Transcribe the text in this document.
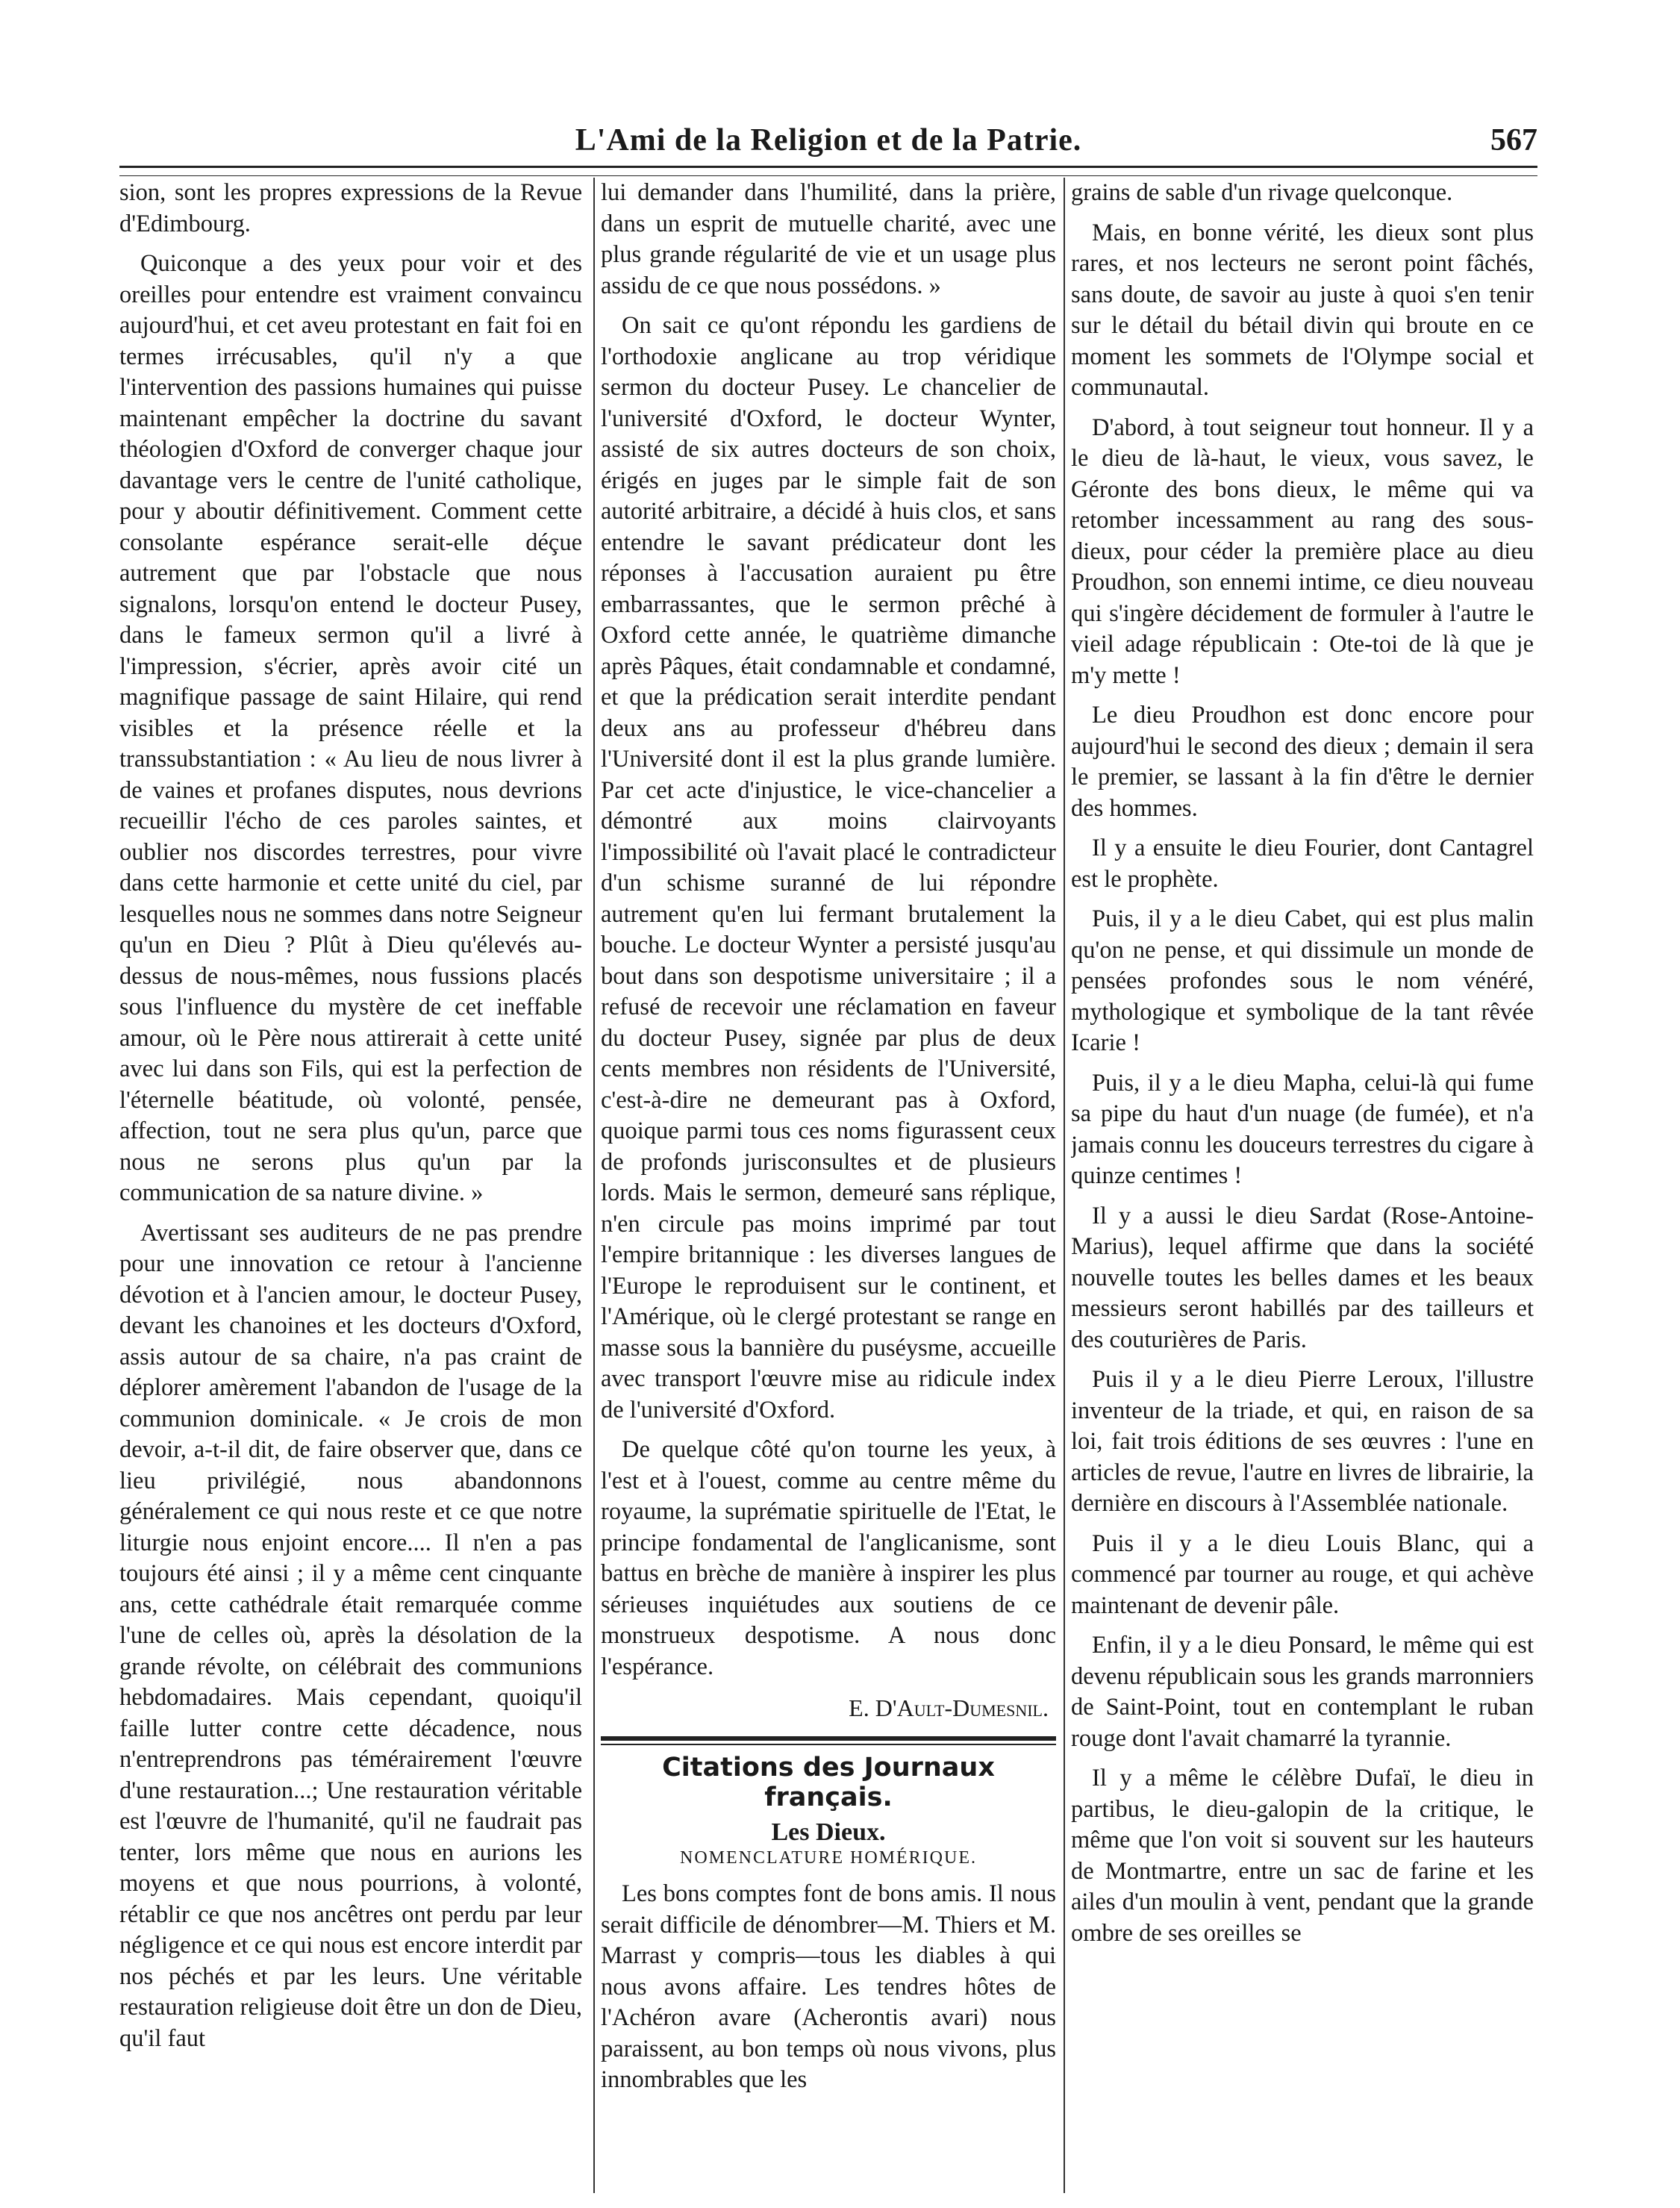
L'Ami de la Religion et de la Patrie.	567

sion, sont les propres expressions de la Revue d'Edimbourg.

Quiconque a des yeux pour voir et des oreilles pour entendre est vraiment convaincu aujourd'hui, et cet aveu protestant en fait foi en termes irrécusables, qu'il n'y a que l'intervention des passions humaines qui puisse maintenant empêcher la doctrine du savant théologien d'Oxford de converger chaque jour davantage vers le centre de l'unité catholique, pour y aboutir définitivement. Comment cette consolante espérance serait-elle déçue autrement que par l'obstacle que nous signalons, lorsqu'on entend le docteur Pusey, dans le fameux sermon qu'il a livré à l'impression, s'écrier, après avoir cité un magnifique passage de saint Hilaire, qui rend visibles et la présence réelle et la transsubstantiation : « Au lieu de nous livrer à de vaines et profanes disputes, nous devrions recueillir l'écho de ces paroles saintes, et oublier nos discordes terrestres, pour vivre dans cette harmonie et cette unité du ciel, par lesquelles nous ne sommes dans notre Seigneur qu'un en Dieu ? Plût à Dieu qu'élevés au-dessus de nous-mêmes, nous fussions placés sous l'influence du mystère de cet ineffable amour, où le Père nous attirerait à cette unité avec lui dans son Fils, qui est la perfection de l'éternelle béatitude, où volonté, pensée, affection, tout ne sera plus qu'un, parce que nous ne serons plus qu'un par la communication de sa nature divine. »

Avertissant ses auditeurs de ne pas prendre pour une innovation ce retour à l'ancienne dévotion et à l'ancien amour, le docteur Pusey, devant les chanoines et les docteurs d'Oxford, assis autour de sa chaire, n'a pas craint de déplorer amèrement l'abandon de l'usage de la communion dominicale. « Je crois de mon devoir, a-t-il dit, de faire observer que, dans ce lieu privilégié, nous abandonnons généralement ce qui nous reste et ce que notre liturgie nous enjoint encore.... Il n'en a pas toujours été ainsi ; il y a même cent cinquante ans, cette cathédrale était remarquée comme l'une de celles où, après la désolation de la grande révolte, on célébrait des communions hebdomadaires. Mais cependant, quoiqu'il faille lutter contre cette décadence, nous n'entreprendrons pas témérairement l'œuvre d'une restauration...; Une restauration véritable est l'œuvre de l'humanité, qu'il ne faudrait pas tenter, lors même que nous en aurions les moyens et que nous pourrions, à volonté, rétablir ce que nos ancêtres ont perdu par leur négligence et ce qui nous est encore interdit par nos péchés et par les leurs. Une véritable restauration religieuse doit être un don de Dieu, qu'il faut

lui demander dans l'humilité, dans la prière, dans un esprit de mutuelle charité, avec une plus grande régularité de vie et un usage plus assidu de ce que nous possédons. »

On sait ce qu'ont répondu les gardiens de l'orthodoxie anglicane au trop véridique sermon du docteur Pusey. Le chancelier de l'université d'Oxford, le docteur Wynter, assisté de six autres docteurs de son choix, érigés en juges par le simple fait de son autorité arbitraire, a décidé à huis clos, et sans entendre le savant prédicateur dont les réponses à l'accusation auraient pu être embarrassantes, que le sermon prêché à Oxford cette année, le quatrième dimanche après Pâques, était condamnable et condamné, et que la prédication serait interdite pendant deux ans au professeur d'hébreu dans l'Université dont il est la plus grande lumière. Par cet acte d'injustice, le vice-chancelier a démontré aux moins clairvoyants l'impossibilité où l'avait placé le contradicteur d'un schisme suranné de lui répondre autrement qu'en lui fermant brutalement la bouche. Le docteur Wynter a persisté jusqu'au bout dans son despotisme universitaire ; il a refusé de recevoir une réclamation en faveur du docteur Pusey, signée par plus de deux cents membres non résidents de l'Université, c'est-à-dire ne demeurant pas à Oxford, quoique parmi tous ces noms figurassent ceux de profonds jurisconsultes et de plusieurs lords. Mais le sermon, demeuré sans réplique, n'en circule pas moins imprimé par tout l'empire britannique : les diverses langues de l'Europe le reproduisent sur le continent, et l'Amérique, où le clergé protestant se range en masse sous la bannière du puséysme, accueille avec transport l'œuvre mise au ridicule index de l'université d'Oxford.

De quelque côté qu'on tourne les yeux, à l'est et à l'ouest, comme au centre même du royaume, la suprématie spirituelle de l'Etat, le principe fondamental de l'anglicanisme, sont battus en brèche de manière à inspirer les plus sérieuses inquiétudes aux soutiens de ce monstrueux despotisme. A nous donc l'espérance.

E. D'Ault-Dumesnil.
Citations des Journaux français.
Les Dieux.
NOMENCLATURE HOMÉRIQUE.

Les bons comptes font de bons amis. Il nous serait difficile de dénombrer—M. Thiers et M. Marrast y compris—tous les diables à qui nous avons affaire. Les tendres hôtes de l'Achéron avare (Acherontis avari) nous paraissent, au bon temps où nous vivons, plus innombrables que les

grains de sable d'un rivage quelconque.

Mais, en bonne vérité, les dieux sont plus rares, et nos lecteurs ne seront point fâchés, sans doute, de savoir au juste à quoi s'en tenir sur le détail du bétail divin qui broute en ce moment les sommets de l'Olympe social et communautal.

D'abord, à tout seigneur tout honneur. Il y a le dieu de là-haut, le vieux, vous savez, le Géronte des bons dieux, le même qui va retomber incessamment au rang des sous-dieux, pour céder la première place au dieu Proudhon, son ennemi intime, ce dieu nouveau qui s'ingère décidement de formuler à l'autre le vieil adage républicain : Ote-toi de là que je m'y mette !

Le dieu Proudhon est donc encore pour aujourd'hui le second des dieux ; demain il sera le premier, se lassant à la fin d'être le dernier des hommes.

Il y a ensuite le dieu Fourier, dont Cantagrel est le prophète.

Puis, il y a le dieu Cabet, qui est plus malin qu'on ne pense, et qui dissimule un monde de pensées profondes sous le nom vénéré, mythologique et symbolique de la tant rêvée Icarie !

Puis, il y a le dieu Mapha, celui-là qui fume sa pipe du haut d'un nuage (de fumée), et n'a jamais connu les douceurs terrestres du cigare à quinze centimes !

Il y a aussi le dieu Sardat (Rose-Antoine-Marius), lequel affirme que dans la société nouvelle toutes les belles dames et les beaux messieurs seront habillés par des tailleurs et des couturières de Paris.

Puis il y a le dieu Pierre Leroux, l'illustre inventeur de la triade, et qui, en raison de sa loi, fait trois éditions de ses œuvres : l'une en articles de revue, l'autre en livres de librairie, la dernière en discours à l'Assemblée nationale.

Puis il y a le dieu Louis Blanc, qui a commencé par tourner au rouge, et qui achève maintenant de devenir pâle.

Enfin, il y a le dieu Ponsard, le même qui est devenu républicain sous les grands marronniers de Saint-Point, tout en contemplant le ruban rouge dont l'avait chamarré la tyrannie.

Il y a même le célèbre Dufaï, le dieu in partibus, le dieu-galopin de la critique, le même que l'on voit si souvent sur les hauteurs de Montmartre, entre un sac de farine et les ailes d'un moulin à vent, pendant que la grande ombre de ses oreilles se
